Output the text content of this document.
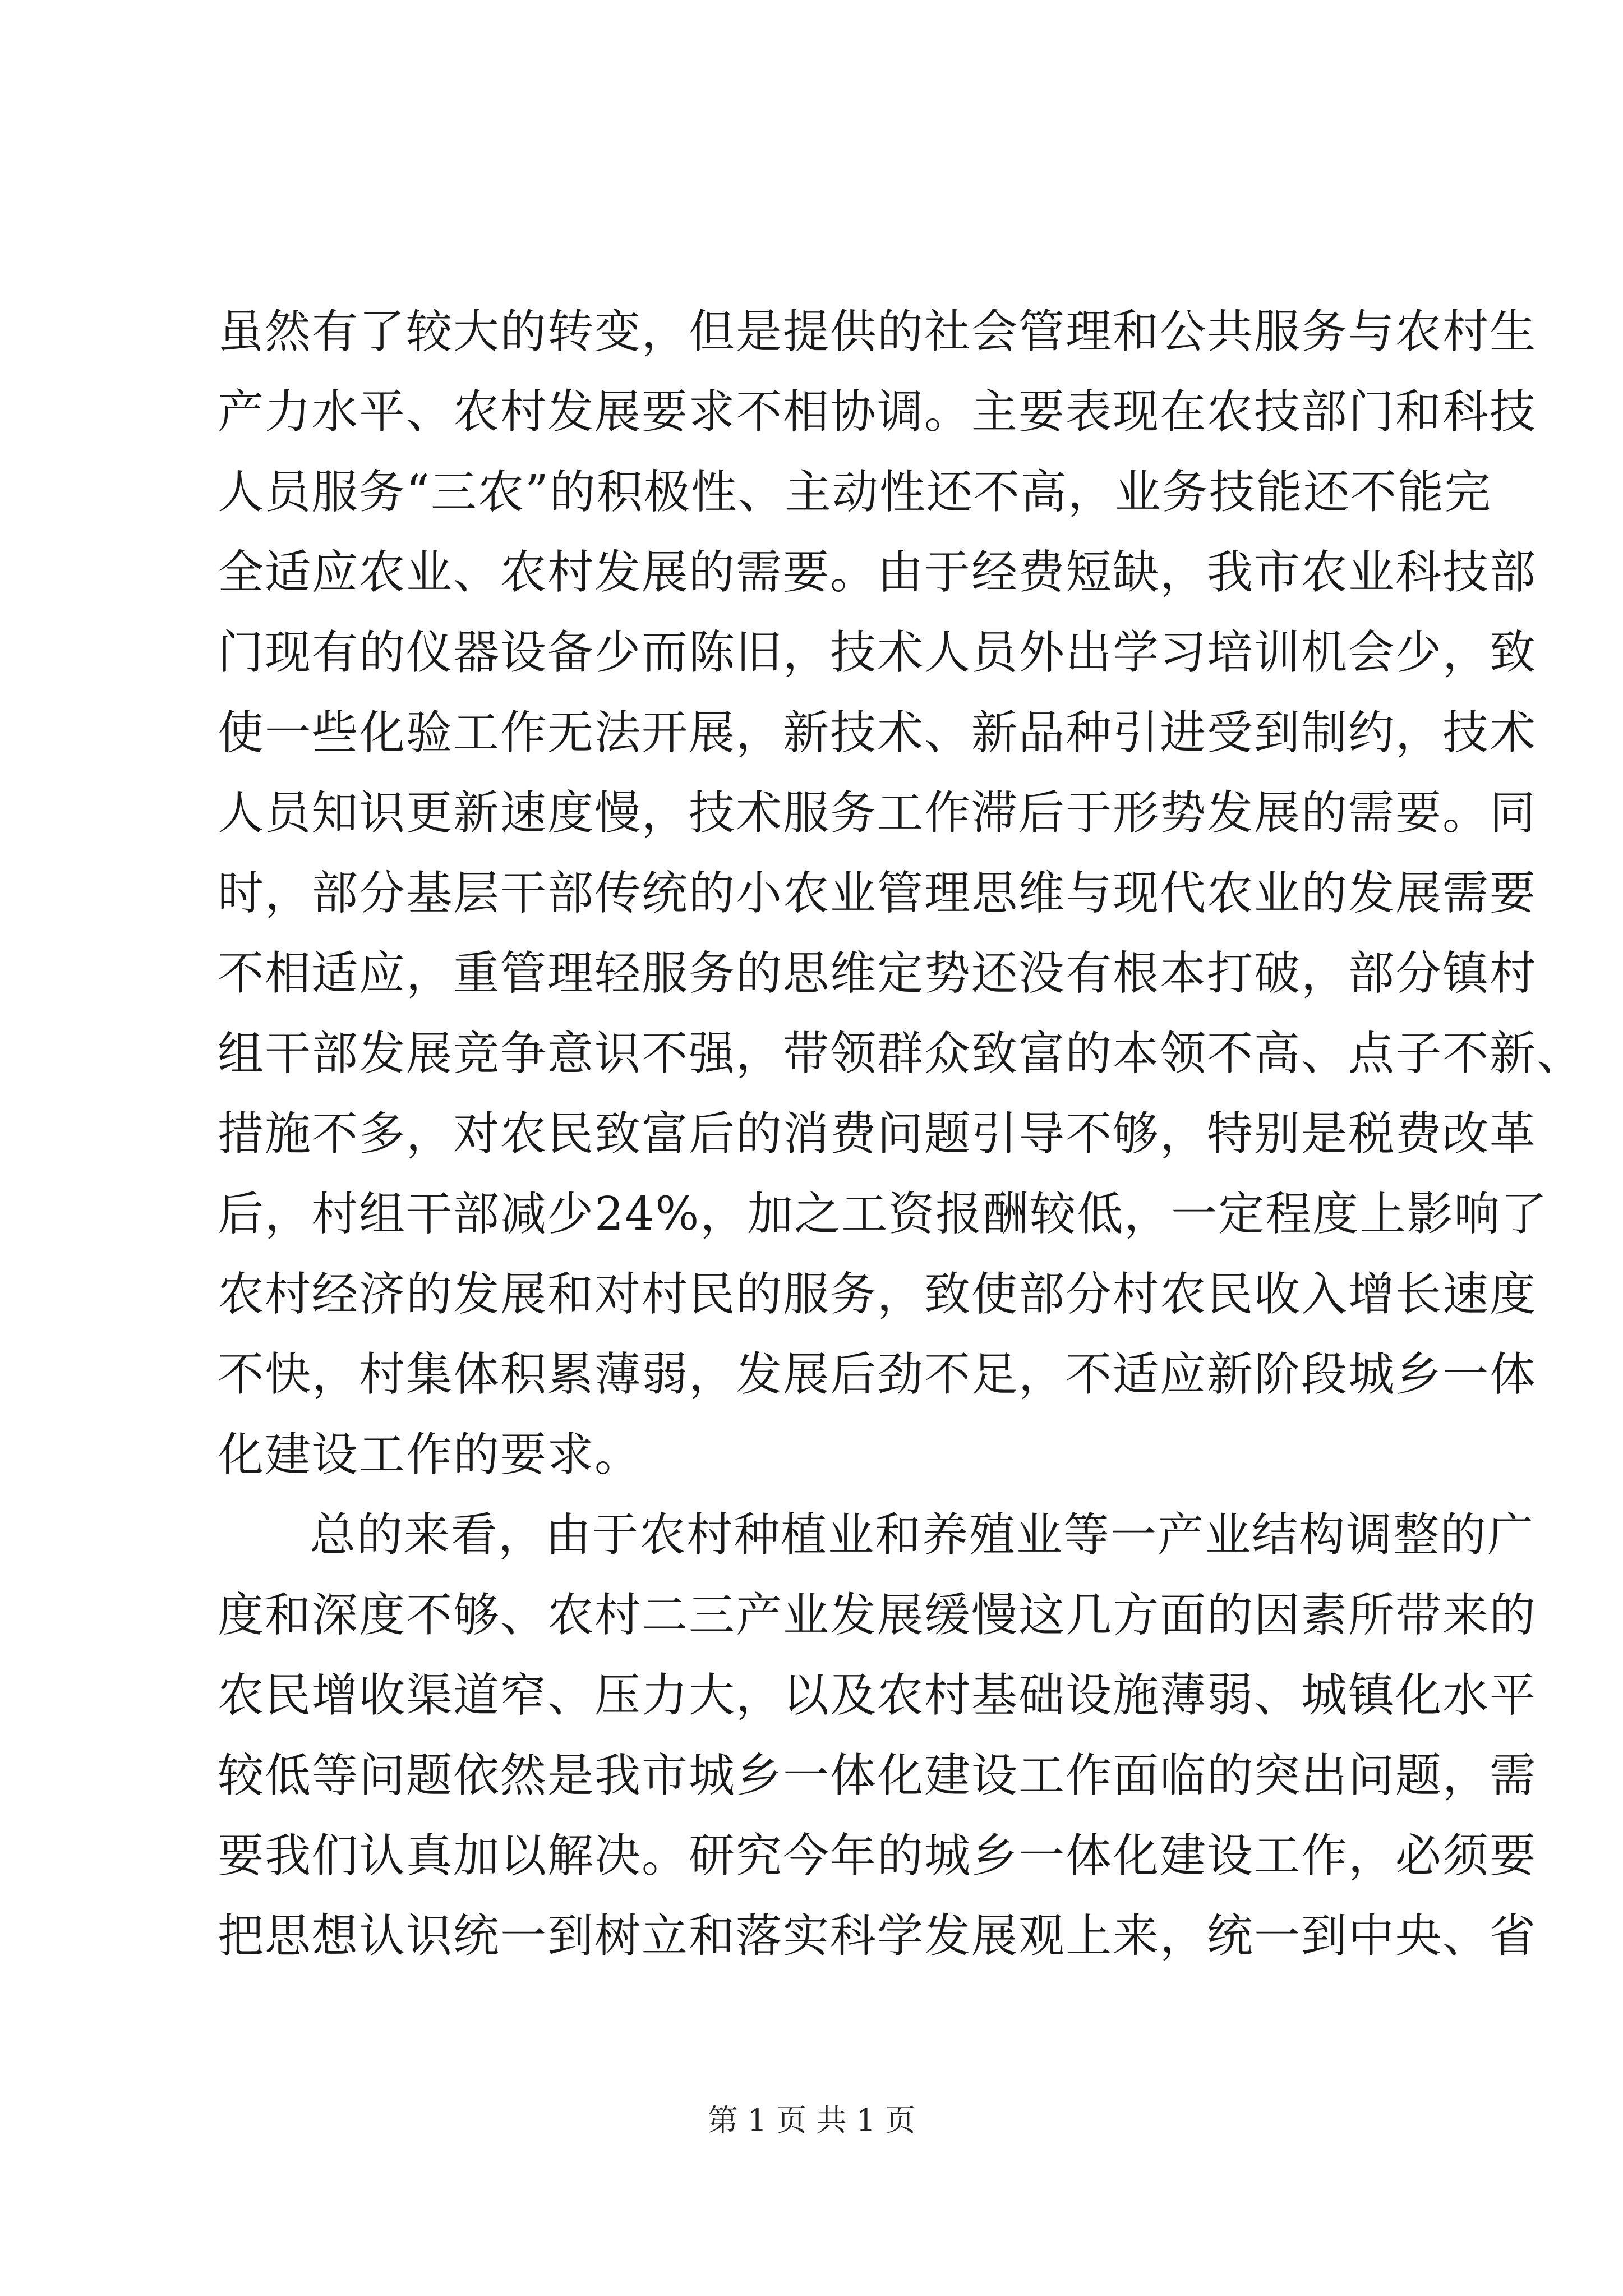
虽然有了较大的转变，但是提供的社会管理和公共服务与农村生
产力水平、农村发展要求不相协调。主要表现在农技部门和科技
人员服务“三农”的积极性、主动性还不高，业务技能还不能完
全适应农业、农村发展的需要。由于经费短缺，我市农业科技部
门现有的仪器设备少而陈旧，技术人员外出学习培训机会少，致
使一些化验工作无法开展，新技术、新品种引进受到制约，技术
人员知识更新速度慢，技术服务工作滞后于形势发展的需要。同
时，部分基层干部传统的小农业管理思维与现代农业的发展需要
不相适应，重管理轻服务的思维定势还没有根本打破，部分镇村
组干部发展竞争意识不强，带领群众致富的本领不高、点子不新、
措施不多，对农民致富后的消费问题引导不够，特别是税费改革
后，村组干部减少24%，加之工资报酬较低，一定程度上影响了
农村经济的发展和对村民的服务，致使部分村农民收入增长速度
不快，村集体积累薄弱，发展后劲不足，不适应新阶段城乡一体
化建设工作的要求。
总的来看，由于农村种植业和养殖业等一产业结构调整的广
度和深度不够、农村二三产业发展缓慢这几方面的因素所带来的
农民增收渠道窄、压力大，以及农村基础设施薄弱、城镇化水平
较低等问题依然是我市城乡一体化建设工作面临的突出问题，需
要我们认真加以解决。研究今年的城乡一体化建设工作，必须要
把思想认识统一到树立和落实科学发展观上来，统一到中央、省
第 1 页 共 1 页
